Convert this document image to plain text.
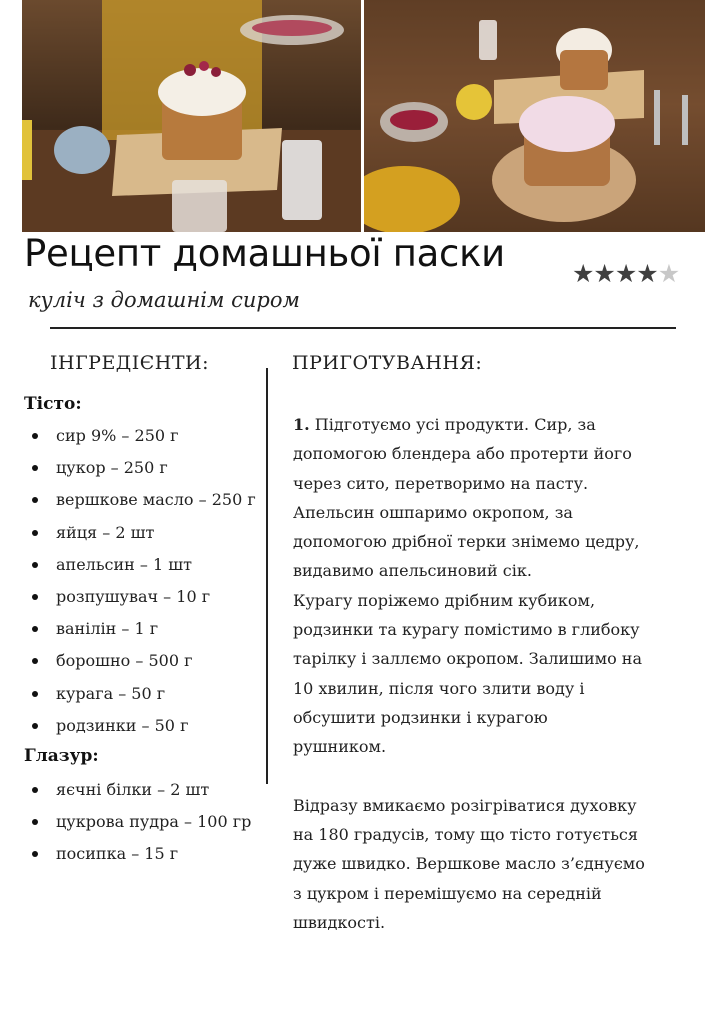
Рецепт домашньої паски
куліч з домашнім сиром
★★★★★
ІНГРЕДІЄНТИ:	ПРИГОТУВАННЯ:
Тісто:
сир 9% – 250 г
цукор – 250 г
вершкове масло – 250 г
яйця – 2 шт
апельсин – 1 шт
розпушувач – 10 г
ванілін – 1 г
борошно – 500 г
курага – 50 г
родзинки – 50 г
Глазур:
яєчні білки – 2 шт
цукрова пудра – 100 гр
посипка – 15 г

1. Підготуємо усі продукти. Сир, за

допомогою блендера або протерти його

через сито, перетворимо на пасту.

Апельсин ошпаримо окропом, за

допомогою дрібної терки знімемо цедру,

видавимо апельсиновий сік.

Курагу поріжемо дрібним кубиком,

родзинки та курагу помістимо в глибоку

тарілку і заллємо окропом. Залишимо на

10 хвилин, після чого злити воду і

обсушити родзинки і курагою

рушником.

Відразу вмикаємо розігріватися духовку

на 180 градусів, тому що тісто готується

дуже швидко. Вершкове масло з’єднуємо

з цукром і перемішуємо на середній

швидкості.
